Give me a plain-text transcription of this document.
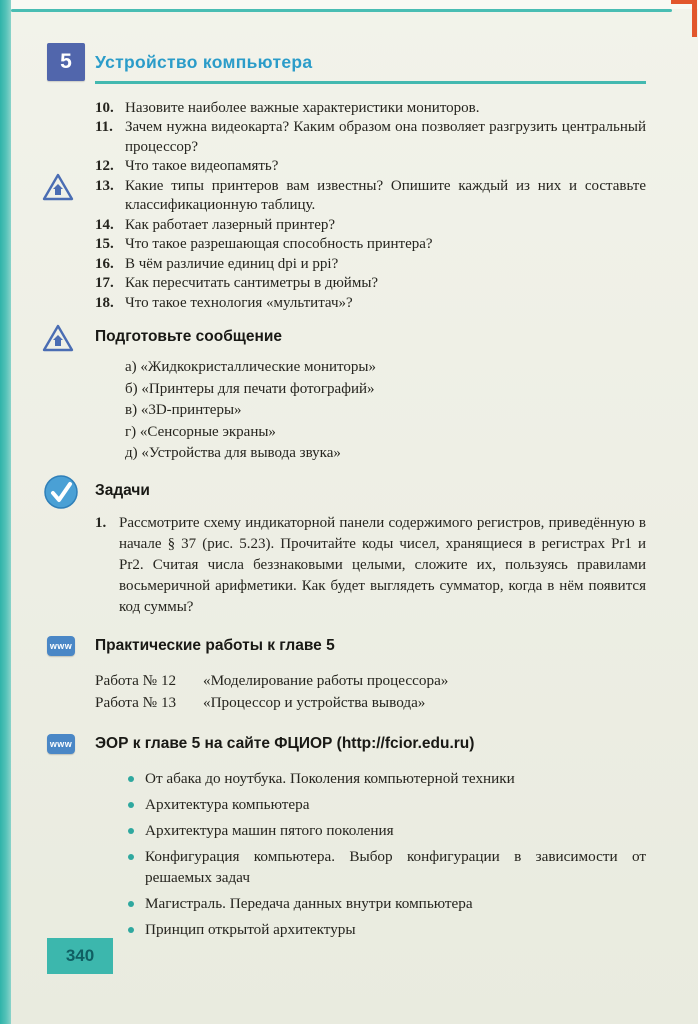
5	Устройство компьютера
10. Назовите наиболее важные характеристики мониторов.
11. Зачем нужна видеокарта? Каким образом она позволяет разгрузить центральный процессор?
12. Что такое видеопамять?
13. Какие типы принтеров вам известны? Опишите каждый из них и составьте классификационную таблицу.
14. Как работает лазерный принтер?
15. Что такое разрешающая способность принтера?
16. В чём различие единиц dpi и ppi?
17. Как пересчитать сантиметры в дюймы?
18. Что такое технология «мультитач»?
Подготовьте сообщение
а) «Жидкокристаллические мониторы»
б) «Принтеры для печати фотографий»
в) «3D-принтеры»
г) «Сенсорные экраны»
д) «Устройства для вывода звука»
Задачи
1. Рассмотрите схему индикаторной панели содержимого регистров, приведённую в начале § 37 (рис. 5.23). Прочитайте коды чисел, хранящиеся в регистрах Pr1 и Pr2. Считая числа беззнаковыми целыми, сложите их, пользуясь правилами восьмеричной арифметики. Как будет выглядеть сумматор, когда в нём появится код суммы?
www Практические работы к главе 5
Работа № 12	«Моделирование работы процессора»
Работа № 13	«Процессор и устройства вывода»
www ЭОР к главе 5 на сайте ФЦИОР (http://fcior.edu.ru)
От абака до ноутбука. Поколения компьютерной техники
Архитектура компьютера
Архитектура машин пятого поколения
Конфигурация компьютера. Выбор конфигурации в зависимости от решаемых задач
Магистраль. Передача данных внутри компьютера
Принцип открытой архитектуры
340
